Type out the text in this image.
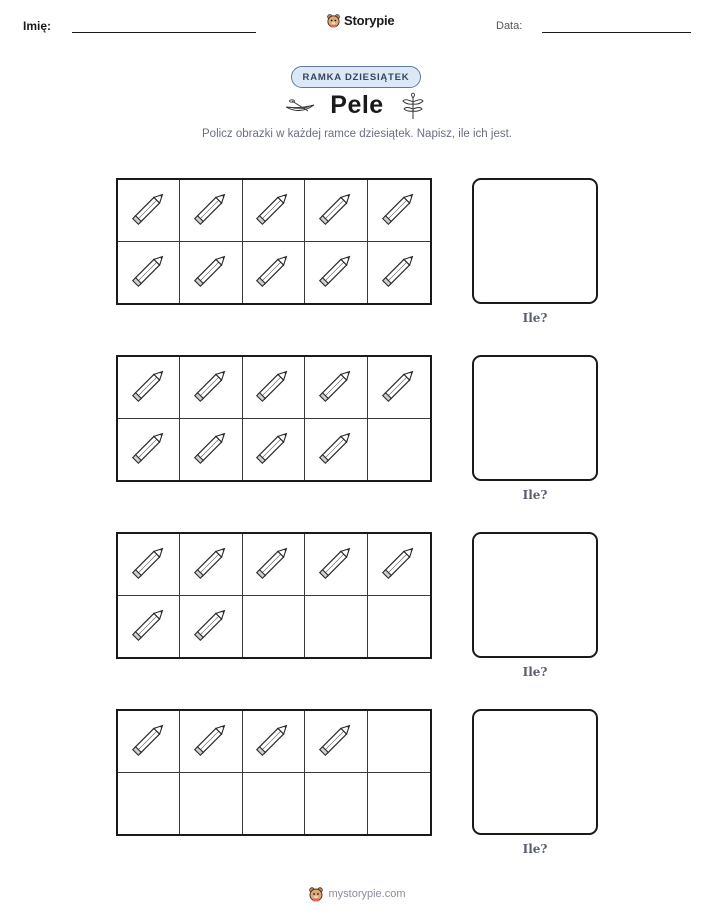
Imię:	Storypie	Data:
RAMKA DZIESIĄTEK
Pele
Policz obrazki w każdej ramce dziesiątek. Napisz, ile ich jest.
Ile?
Ile?
Ile?
Ile?
mystorypie.com
